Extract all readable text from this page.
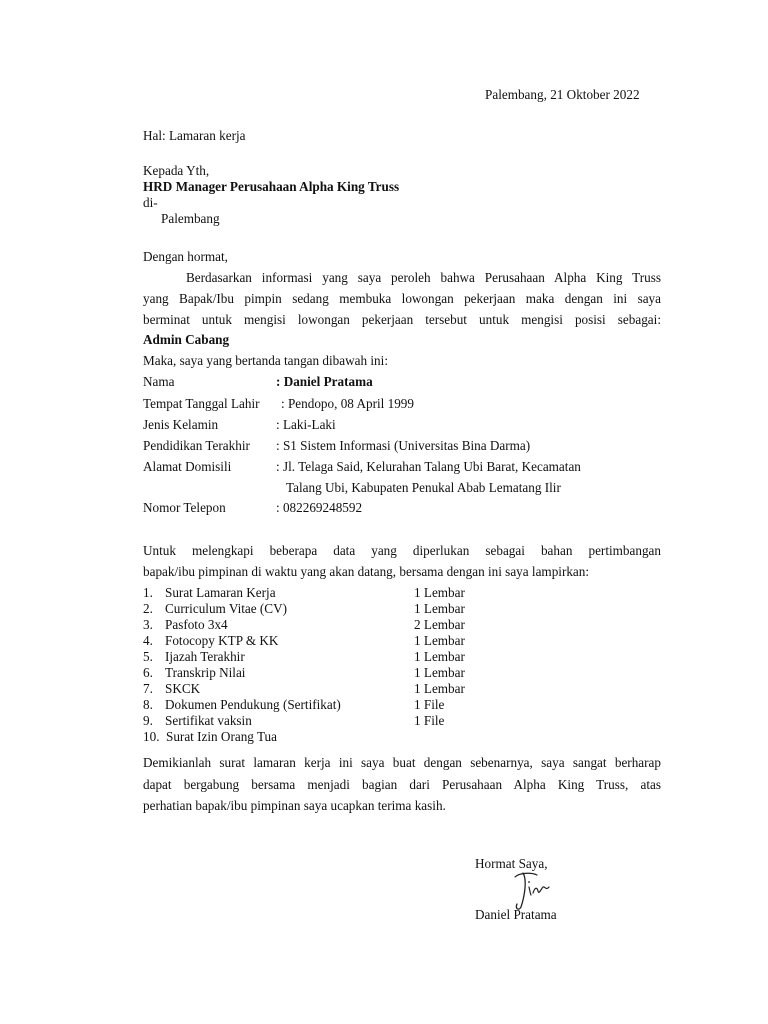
Palembang, 21 Oktober 2022
Hal: Lamaran kerja
Kepada Yth,
HRD Manager Perusahaan Alpha King Truss
di-
Palembang
Dengan hormat,
Berdasarkan informasi yang saya peroleh bahwa Perusahaan Alpha King Truss
yang Bapak/Ibu pimpin sedang membuka lowongan pekerjaan maka dengan ini saya
berminat untuk mengisi lowongan pekerjaan tersebut untuk mengisi posisi sebagai:
Admin Cabang
Maka, saya yang bertanda tangan dibawah ini:
Nama	: Daniel Pratama
Tempat Tanggal Lahir : Pendopo, 08 April 1999
Jenis Kelamin	: Laki-Laki
Pendidikan Terakhir : S1 Sistem Informasi (Universitas Bina Darma)
Alamat Domisili	: Jl. Telaga Said, Kelurahan Talang Ubi Barat, Kecamatan
Talang Ubi, Kabupaten Penukal Abab Lematang Ilir
Nomor Telepon	: 082269248592
Untuk melengkapi beberapa data yang diperlukan sebagai bahan pertimbangan
bapak/ibu pimpinan di waktu yang akan datang, bersama dengan ini saya lampirkan:
1. Surat Lamaran Kerja	1 Lembar
2. Curriculum Vitae (CV)	1 Lembar
3. Pasfoto 3x4	2 Lembar
4. Fotocopy KTP & KK	1 Lembar
5. Ijazah Terakhir	1 Lembar
6. Transkrip Nilai	1 Lembar
7. SKCK	1 Lembar
8. Dokumen Pendukung (Sertifikat)	1 File
9. Sertifikat vaksin	1 File
10. Surat Izin Orang Tua
Demikianlah surat lamaran kerja ini saya buat dengan sebenarnya, saya sangat berharap
dapat bergabung bersama menjadi bagian dari Perusahaan Alpha King Truss, atas
perhatian bapak/ibu pimpinan saya ucapkan terima kasih.
Hormat Saya,
Daniel Pratama
